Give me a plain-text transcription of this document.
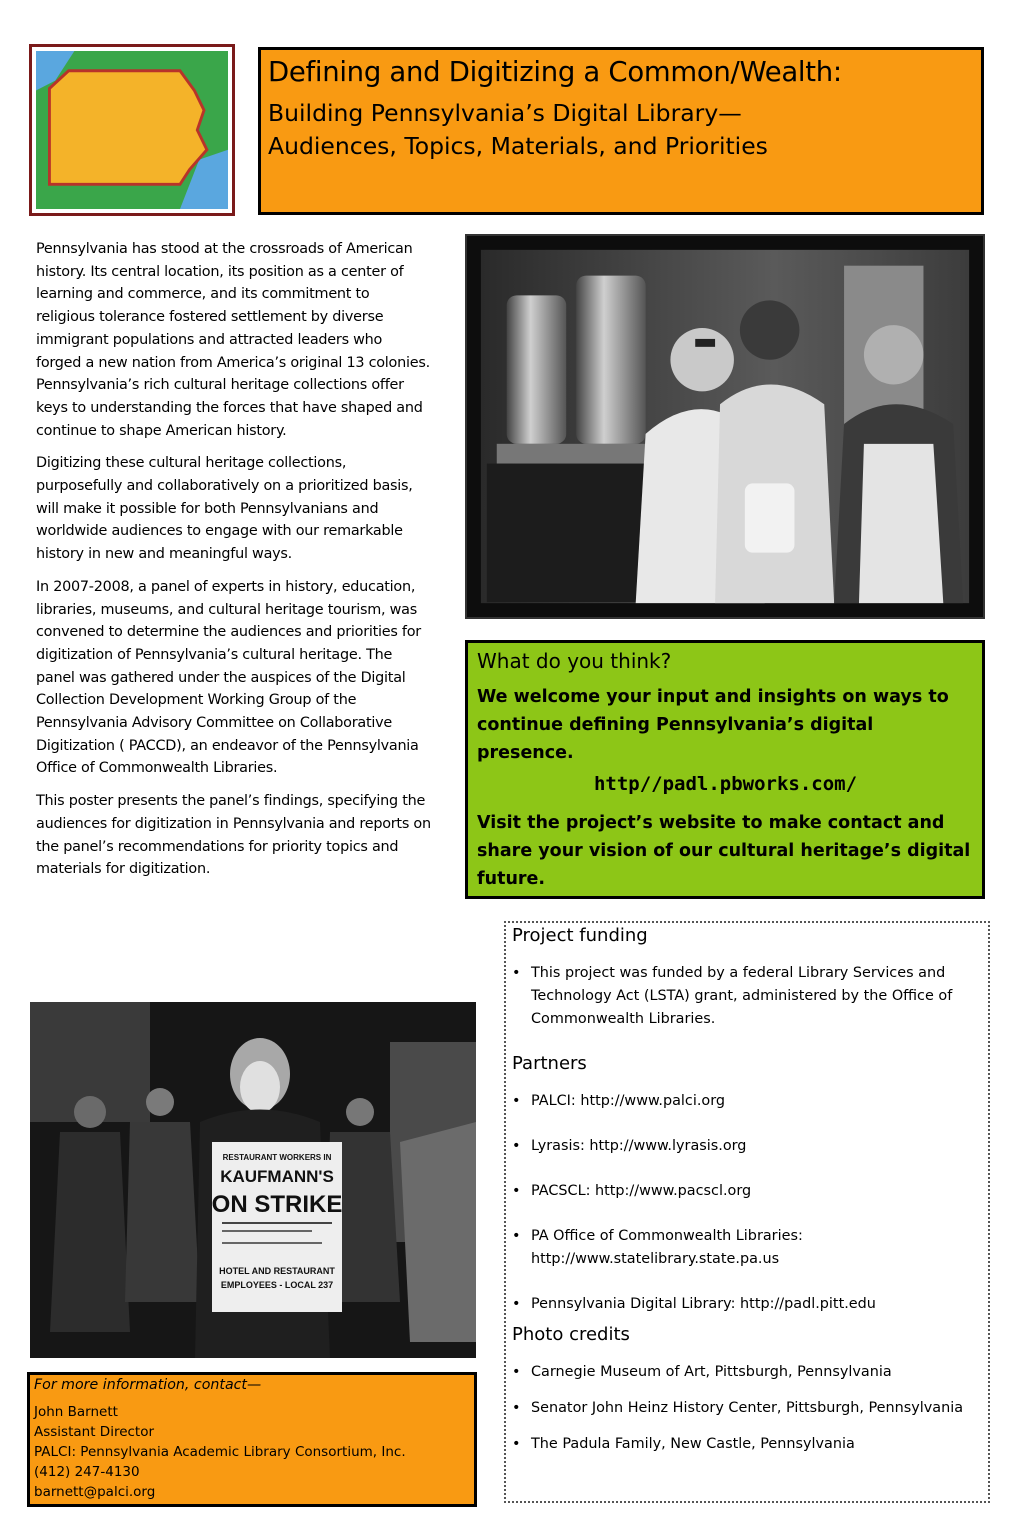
Defining and Digitizing a Common/Wealth:
Building Pennsylvania’s Digital Library—
Audiences, Topics, Materials, and Priorities

Pennsylvania has stood at the crossroads of American history. Its central location, its position as a center of learning and commerce, and its commitment to religious tolerance fostered settlement by diverse immigrant populations and attracted leaders who forged a new nation from America’s original 13 colonies. Pennsylvania’s rich cultural heritage collections offer keys to understanding the forces that have shaped and continue to shape American history.

Digitizing these cultural heritage collections, purposefully and collaboratively on a prioritized basis, will make it possible for both Pennsylvanians and worldwide audiences to engage with our remarkable history in new and meaningful ways.

In 2007-2008, a panel of experts in history, education, libraries, museums, and cultural heritage tourism, was convened to determine the audiences and priorities for digitization of Pennsylvania’s cultural heritage. The panel was gathered under the auspices of the Digital Collection Development Working Group of the Pennsylvania Advisory Committee on Collaborative Digitization ( PACCD), an endeavor of the Pennsylvania Office of Commonwealth Libraries.

This poster presents the panel’s findings, specifying the audiences for digitization in Pennsylvania and reports on the panel’s recommendations for priority topics and materials for digitization.

What do you think?

We welcome your input and insights on ways to continue defining Pennsylvania’s digital presence.

http//padl.pbworks.com/

Visit the project’s website to make contact and share your vision of our cultural heritage’s digital future.

RESTAURANT WORKERS IN
KAUFMANN'S
ON STRIKE
HOTEL AND RESTAURANT
EMPLOYEES - LOCAL 237
For more information, contact—
John Barnett
Assistant Director
PALCI: Pennsylvania Academic Library Consortium, Inc.
(412) 247-4130
barnett@palci.org
Project funding
• This project was funded by a federal Library Services and Technology Act (LSTA) grant, administered by the Office of Commonwealth Libraries.
Partners
• PALCI: http://www.palci.org
• Lyrasis: http://www.lyrasis.org
• PACSCL: http://www.pacscl.org
• PA Office of Commonwealth Libraries: http://www.statelibrary.state.pa.us
• Pennsylvania Digital Library: http://padl.pitt.edu
Photo credits
• Carnegie Museum of Art, Pittsburgh, Pennsylvania
• Senator John Heinz History Center, Pittsburgh, Pennsylvania
• The Padula Family, New Castle, Pennsylvania
